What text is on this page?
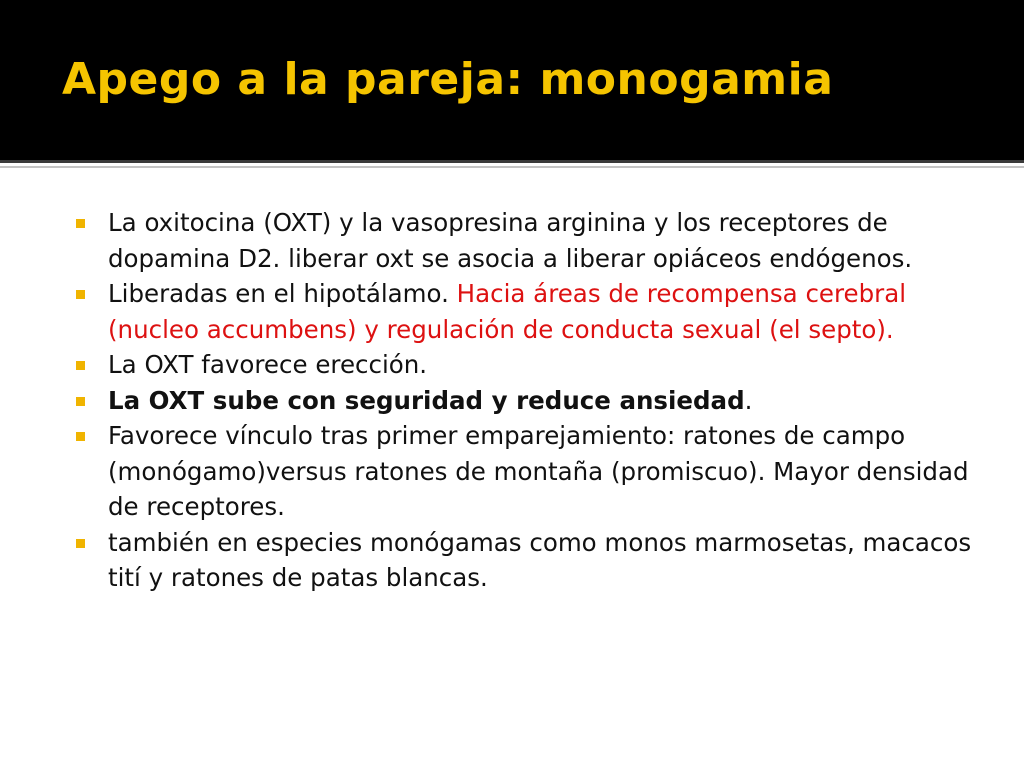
Apego a la pareja: monogamia
La oxitocina (OXT) y la vasopresina arginina y los receptores de dopamina D2. liberar oxt se asocia a liberar opiáceos endógenos.
Liberadas en el hipotálamo. Hacia áreas de recompensa cerebral (nucleo accumbens) y regulación de conducta sexual (el septo).
La OXT favorece erección.
La OXT sube con seguridad y reduce ansiedad.
Favorece vínculo tras primer emparejamiento: ratones de campo (monógamo)versus ratones de montaña (promiscuo). Mayor densidad de receptores.
también en especies monógamas como monos marmosetas, macacos tití y ratones de patas blancas.
